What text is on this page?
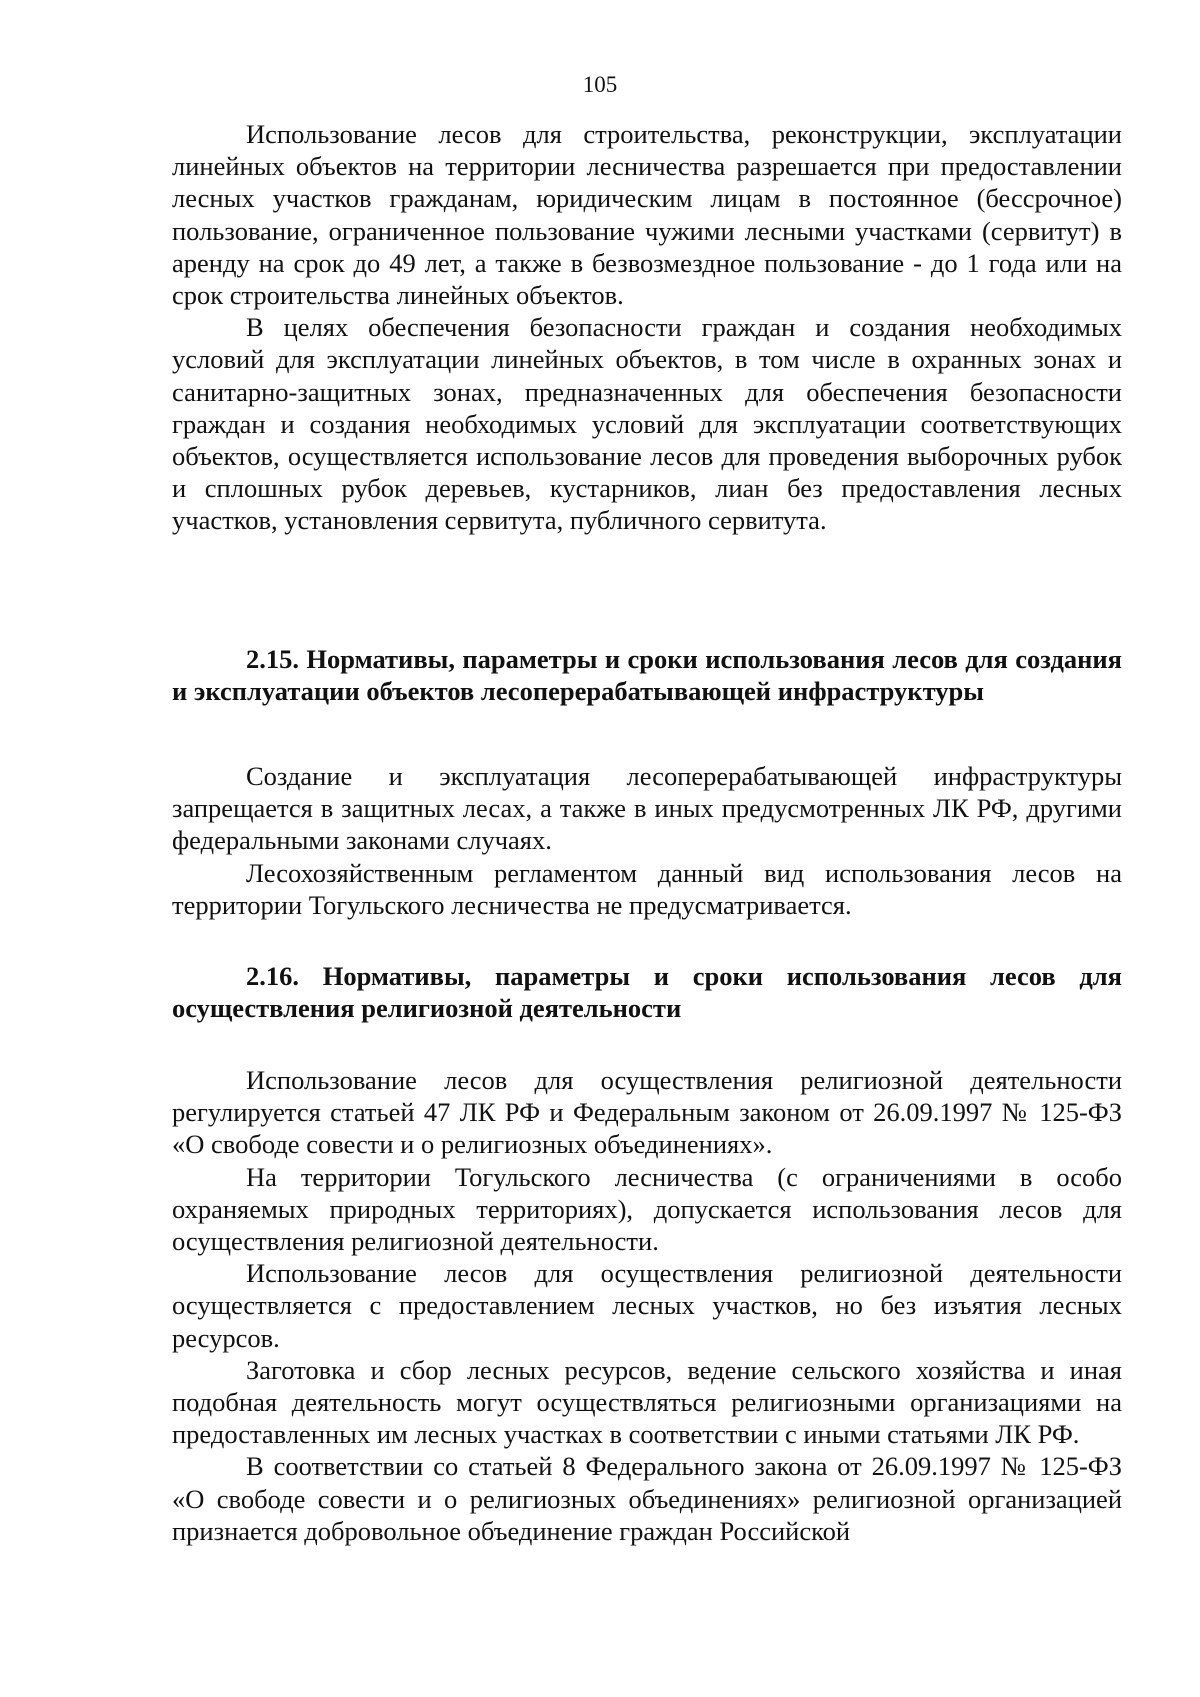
105

Использование лесов для строительства, реконструкции, эксплуатации линейных объектов на территории лесничества разрешается при предоставлении лесных участков гражданам, юридическим лицам в постоянное (бессрочное) пользование, ограниченное пользование чужими лесными участками (сервитут) в аренду на срок до 49 лет, а также в безвозмездное пользование - до 1 года или на срок строительства линейных объектов.

В целях обеспечения безопасности граждан и создания необходимых условий для эксплуатации линейных объектов, в том числе в охранных зонах и санитарно-защитных зонах, предназначенных для обеспечения безопасности граждан и создания необходимых условий для эксплуатации соответствующих объектов, осуществляется использование лесов для проведения выборочных рубок и сплошных рубок деревьев, кустарников, лиан без предоставления лесных участков, установления сервитута, публичного сервитута.

2.15. Нормативы, параметры и сроки использования лесов для создания и эксплуатации объектов лесоперерабатывающей инфраструктуры

Создание и эксплуатация лесоперерабатывающей инфраструктуры запрещается в защитных лесах, а также в иных предусмотренных ЛК РФ, другими федеральными законами случаях.

Лесохозяйственным регламентом данный вид использования лесов на территории Тогульского лесничества не предусматривается.

2.16. Нормативы, параметры и сроки использования лесов для осуществления религиозной деятельности

Использование лесов для осуществления религиозной деятельности регулируется статьей 47 ЛК РФ и Федеральным законом от 26.09.1997 № 125-ФЗ «О свободе совести и о религиозных объединениях».

На территории Тогульского лесничества (с ограничениями в особо охраняемых природных территориях), допускается использования лесов для осуществления религиозной деятельности.

Использование лесов для осуществления религиозной деятельности осуществляется с предоставлением лесных участков, но без изъятия лесных ресурсов.

Заготовка и сбор лесных ресурсов, ведение сельского хозяйства и иная подобная деятельность могут осуществляться религиозными организациями на предоставленных им лесных участках в соответствии с иными статьями ЛК РФ.

В соответствии со статьей 8 Федерального закона от 26.09.1997 № 125-ФЗ «О свободе совести и о религиозных объединениях» религиозной организацией признается добровольное объединение граждан Российской
